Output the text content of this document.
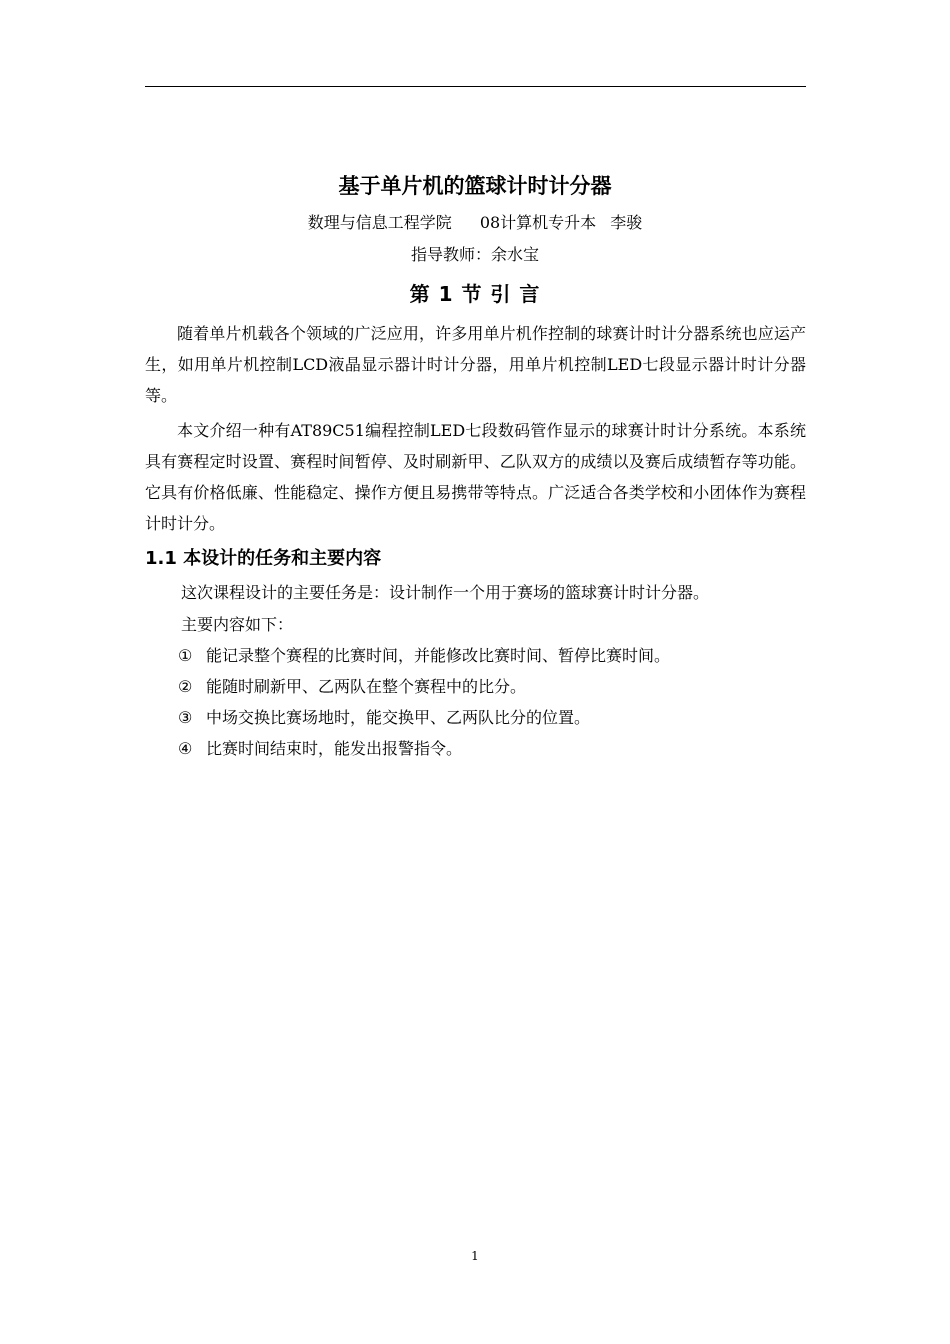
基于单片机的篮球计时计分器
数理与信息工程学院 08计算机专升本 李骏
指导教师：余水宝
第 1 节 引 言

随着单片机载各个领域的广泛应用，许多用单片机作控制的球赛计时计分器系统也应运产生，如用单片机控制LCD液晶显示器计时计分器，用单片机控制LED七段显示器计时计分器等。

本文介绍一种有AT89C51编程控制LED七段数码管作显示的球赛计时计分系统。本系统具有赛程定时设置、赛程时间暂停、及时刷新甲、乙队双方的成绩以及赛后成绩暂存等功能。它具有价格低廉、性能稳定、操作方便且易携带等特点。广泛适合各类学校和小团体作为赛程计时计分。

1.1 本设计的任务和主要内容
这次课程设计的主要任务是：设计制作一个用于赛场的篮球赛计时计分器。
主要内容如下：
① 能记录整个赛程的比赛时间，并能修改比赛时间、暂停比赛时间。
② 能随时刷新甲、乙两队在整个赛程中的比分。
③ 中场交换比赛场地时，能交换甲、乙两队比分的位置。
④ 比赛时间结束时，能发出报警指令。
1
